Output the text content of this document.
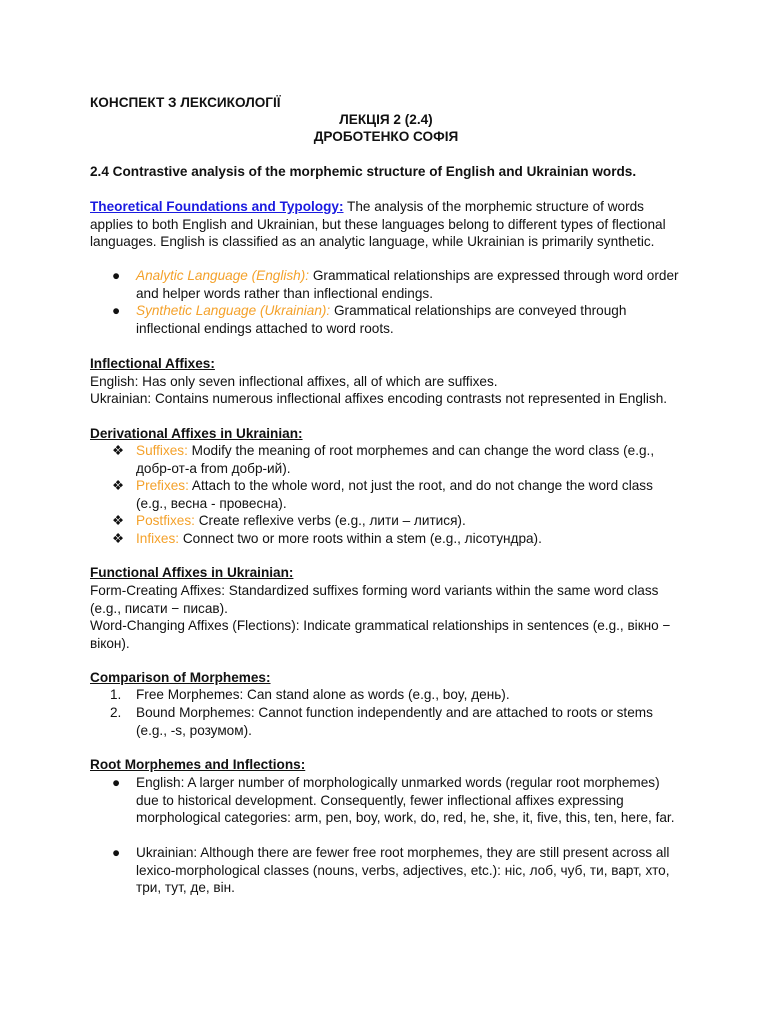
КОНСПЕКТ З ЛЕКСИКОЛОГІЇ
ЛЕКЦІЯ 2 (2.4)
ДРОБОТЕНКО СОФІЯ
2.4 Contrastive analysis of the morphemic structure of English and Ukrainian words.
Theoretical Foundations and Typology: The analysis of the morphemic structure of words applies to both English and Ukrainian, but these languages belong to different types of flectional languages. English is classified as an analytic language, while Ukrainian is primarily synthetic.
●	Analytic Language (English): Grammatical relationships are expressed through word order and helper words rather than inflectional endings.
●	Synthetic Language (Ukrainian): Grammatical relationships are conveyed through inflectional endings attached to word roots.
Inflectional Affixes:
English: Has only seven inflectional affixes, all of which are suffixes.
Ukrainian: Contains numerous inflectional affixes encoding contrasts not represented in English.
Derivational Affixes in Ukrainian:
❖ Suffixes: Modify the meaning of root morphemes and can change the word class (e.g., добр-от-а from добр-ий).
❖ Prefixes: Attach to the whole word, not just the root, and do not change the word class (e.g., весна - провесна).
❖ Postfixes: Create reflexive verbs (e.g., лити – литися).
❖ Infixes: Connect two or more roots within a stem (e.g., лісотундра).
Functional Affixes in Ukrainian:
Form-Creating Affixes: Standardized suffixes forming word variants within the same word class (e.g., писати − писав).
Word-Changing Affixes (Flections): Indicate grammatical relationships in sentences (e.g., вікно − вікон).
Comparison of Morphemes:
1.	Free Morphemes: Can stand alone as words (e.g., boy, день).
2.	Bound Morphemes: Cannot function independently and are attached to roots or stems (e.g., -s, розумом).
Root Morphemes and Inflections:
●	English: A larger number of morphologically unmarked words (regular root morphemes) due to historical development. Consequently, fewer inflectional affixes expressing morphological categories: arm, pen, boy, work, do, red, he, she, it, five, this, ten, here, far.
●	Ukrainian: Although there are fewer free root morphemes, they are still present across all lexico-morphological classes (nouns, verbs, adjectives, etc.): ніс, лоб, чуб, ти, варт, хто, три, тут, де, він.
